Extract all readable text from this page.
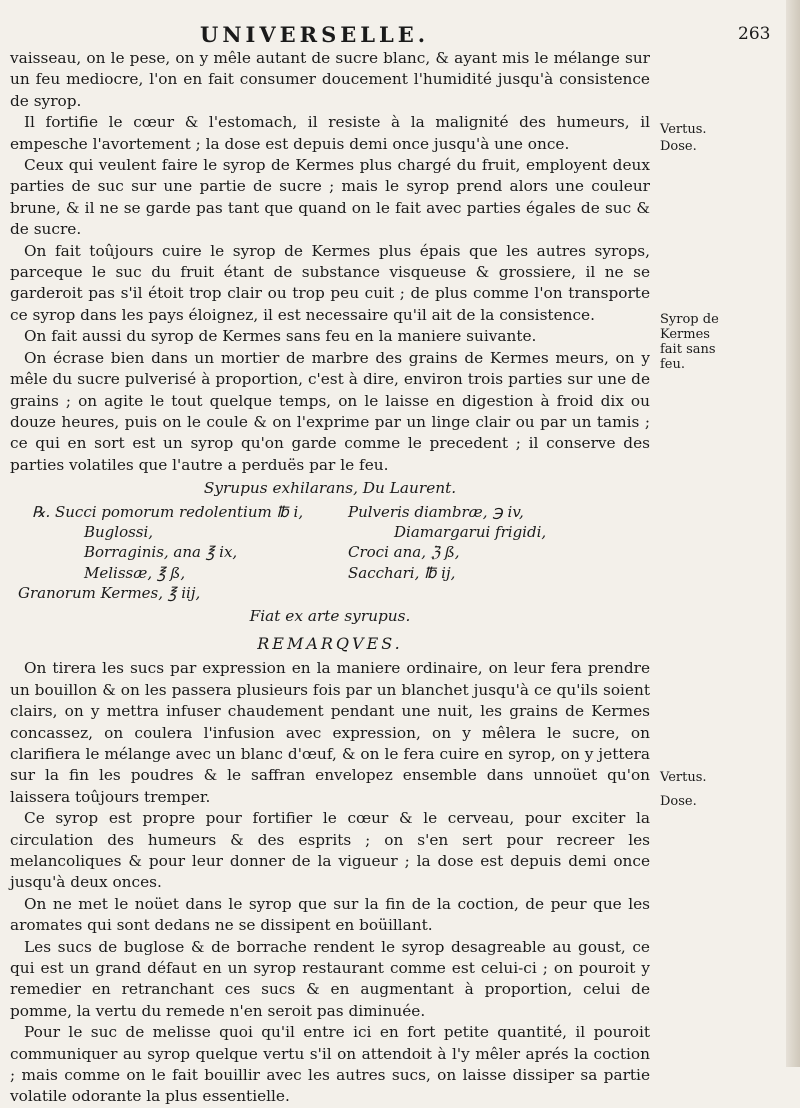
UNIVERSELLE.	263

vaisseau, on le pese, on y mêle autant de sucre blanc, & ayant mis le mélange sur un feu mediocre, l'on en fait consumer doucement l'humidité jusqu'à consistence de syrop.

Il fortifie le cœur & l'estomach, il resiste à la malignité des humeurs, il empesche l'avortement ; la dose est depuis demi once jusqu'à une once.

Ceux qui veulent faire le syrop de Kermes plus chargé du fruit, employent deux parties de suc sur une partie de sucre ; mais le syrop prend alors une couleur brune, & il ne se garde pas tant que quand on le fait avec parties égales de suc & de sucre.

On fait toûjours cuire le syrop de Kermes plus épais que les autres syrops, parceque le suc du fruit étant de substance visqueuse & grossiere, il ne se garderoit pas s'il étoit trop clair ou trop peu cuit ; de plus comme l'on transporte ce syrop dans les pays éloignez, il est necessaire qu'il ait de la consistence.

On fait aussi du syrop de Kermes sans feu en la maniere suivante.

On écrase bien dans un mortier de marbre des grains de Kermes meurs, on y mêle du sucre pulverisé à proportion, c'est à dire, environ trois parties sur une de grains ; on agite le tout quelque temps, on le laisse en digestion à froid dix ou douze heures, puis on le coule & on l'exprime par un linge clair ou par un tamis ; ce qui en sort est un syrop qu'on garde comme le precedent ; il conserve des parties volatiles que l'autre a perduës par le feu.

Syrupus exhilarans, Du Laurent.

℞. Succi pomorum redolentium ℔ i,
Buglossi,
Borraginis, ana ℥ ix,
Melissæ, ℥ ß,
Granorum Kermes, ℥ iij,
Pulveris diambræ, ℈ iv,
Diamargarui frigidi,
Croci ana, ℨ ß,
Sacchari, ℔ ij,

Fiat ex arte syrupus.

REMARQVES.

On tirera les sucs par expression en la maniere ordinaire, on leur fera prendre un bouillon & on les passera plusieurs fois par un blanchet jusqu'à ce qu'ils soient clairs, on y mettra infuser chaudement pendant une nuit, les grains de Kermes concassez, on coulera l'infusion avec expression, on y mêlera le sucre, on clarifiera le mélange avec un blanc d'œuf, & on le fera cuire en syrop, on y jettera sur la fin les poudres & le saffran envelopez ensemble dans unnoüet qu'on laissera toûjours tremper.

Ce syrop est propre pour fortifier le cœur & le cerveau, pour exciter la circulation des humeurs & des esprits ; on s'en sert pour recreer les melancoliques & pour leur donner de la vigueur ; la dose est depuis demi once jusqu'à deux onces.

On ne met le noüet dans le syrop que sur la fin de la coction, de peur que les aromates qui sont dedans ne se dissipent en boüillant.

Les sucs de buglose & de borrache rendent le syrop desagreable au goust, ce qui est un grand défaut en un syrop restaurant comme est celui-ci ; on pouroit y remedier en retranchant ces sucs & en augmentant à proportion, celui de pomme, la vertu du remede n'en seroit pas diminuée.

Pour le suc de melisse quoi qu'il entre ici en fort petite quantité, il pouroit communiquer au syrop quelque vertu s'il on attendoit à l'y mêler aprés la coction ; mais comme on le fait bouillir avec les autres sucs, on laisse dissiper sa partie volatile odorante la plus essentielle.

Vertus.
Dose.
Syrop de Kermes fait sans feu.
Vertus.
Dose.
